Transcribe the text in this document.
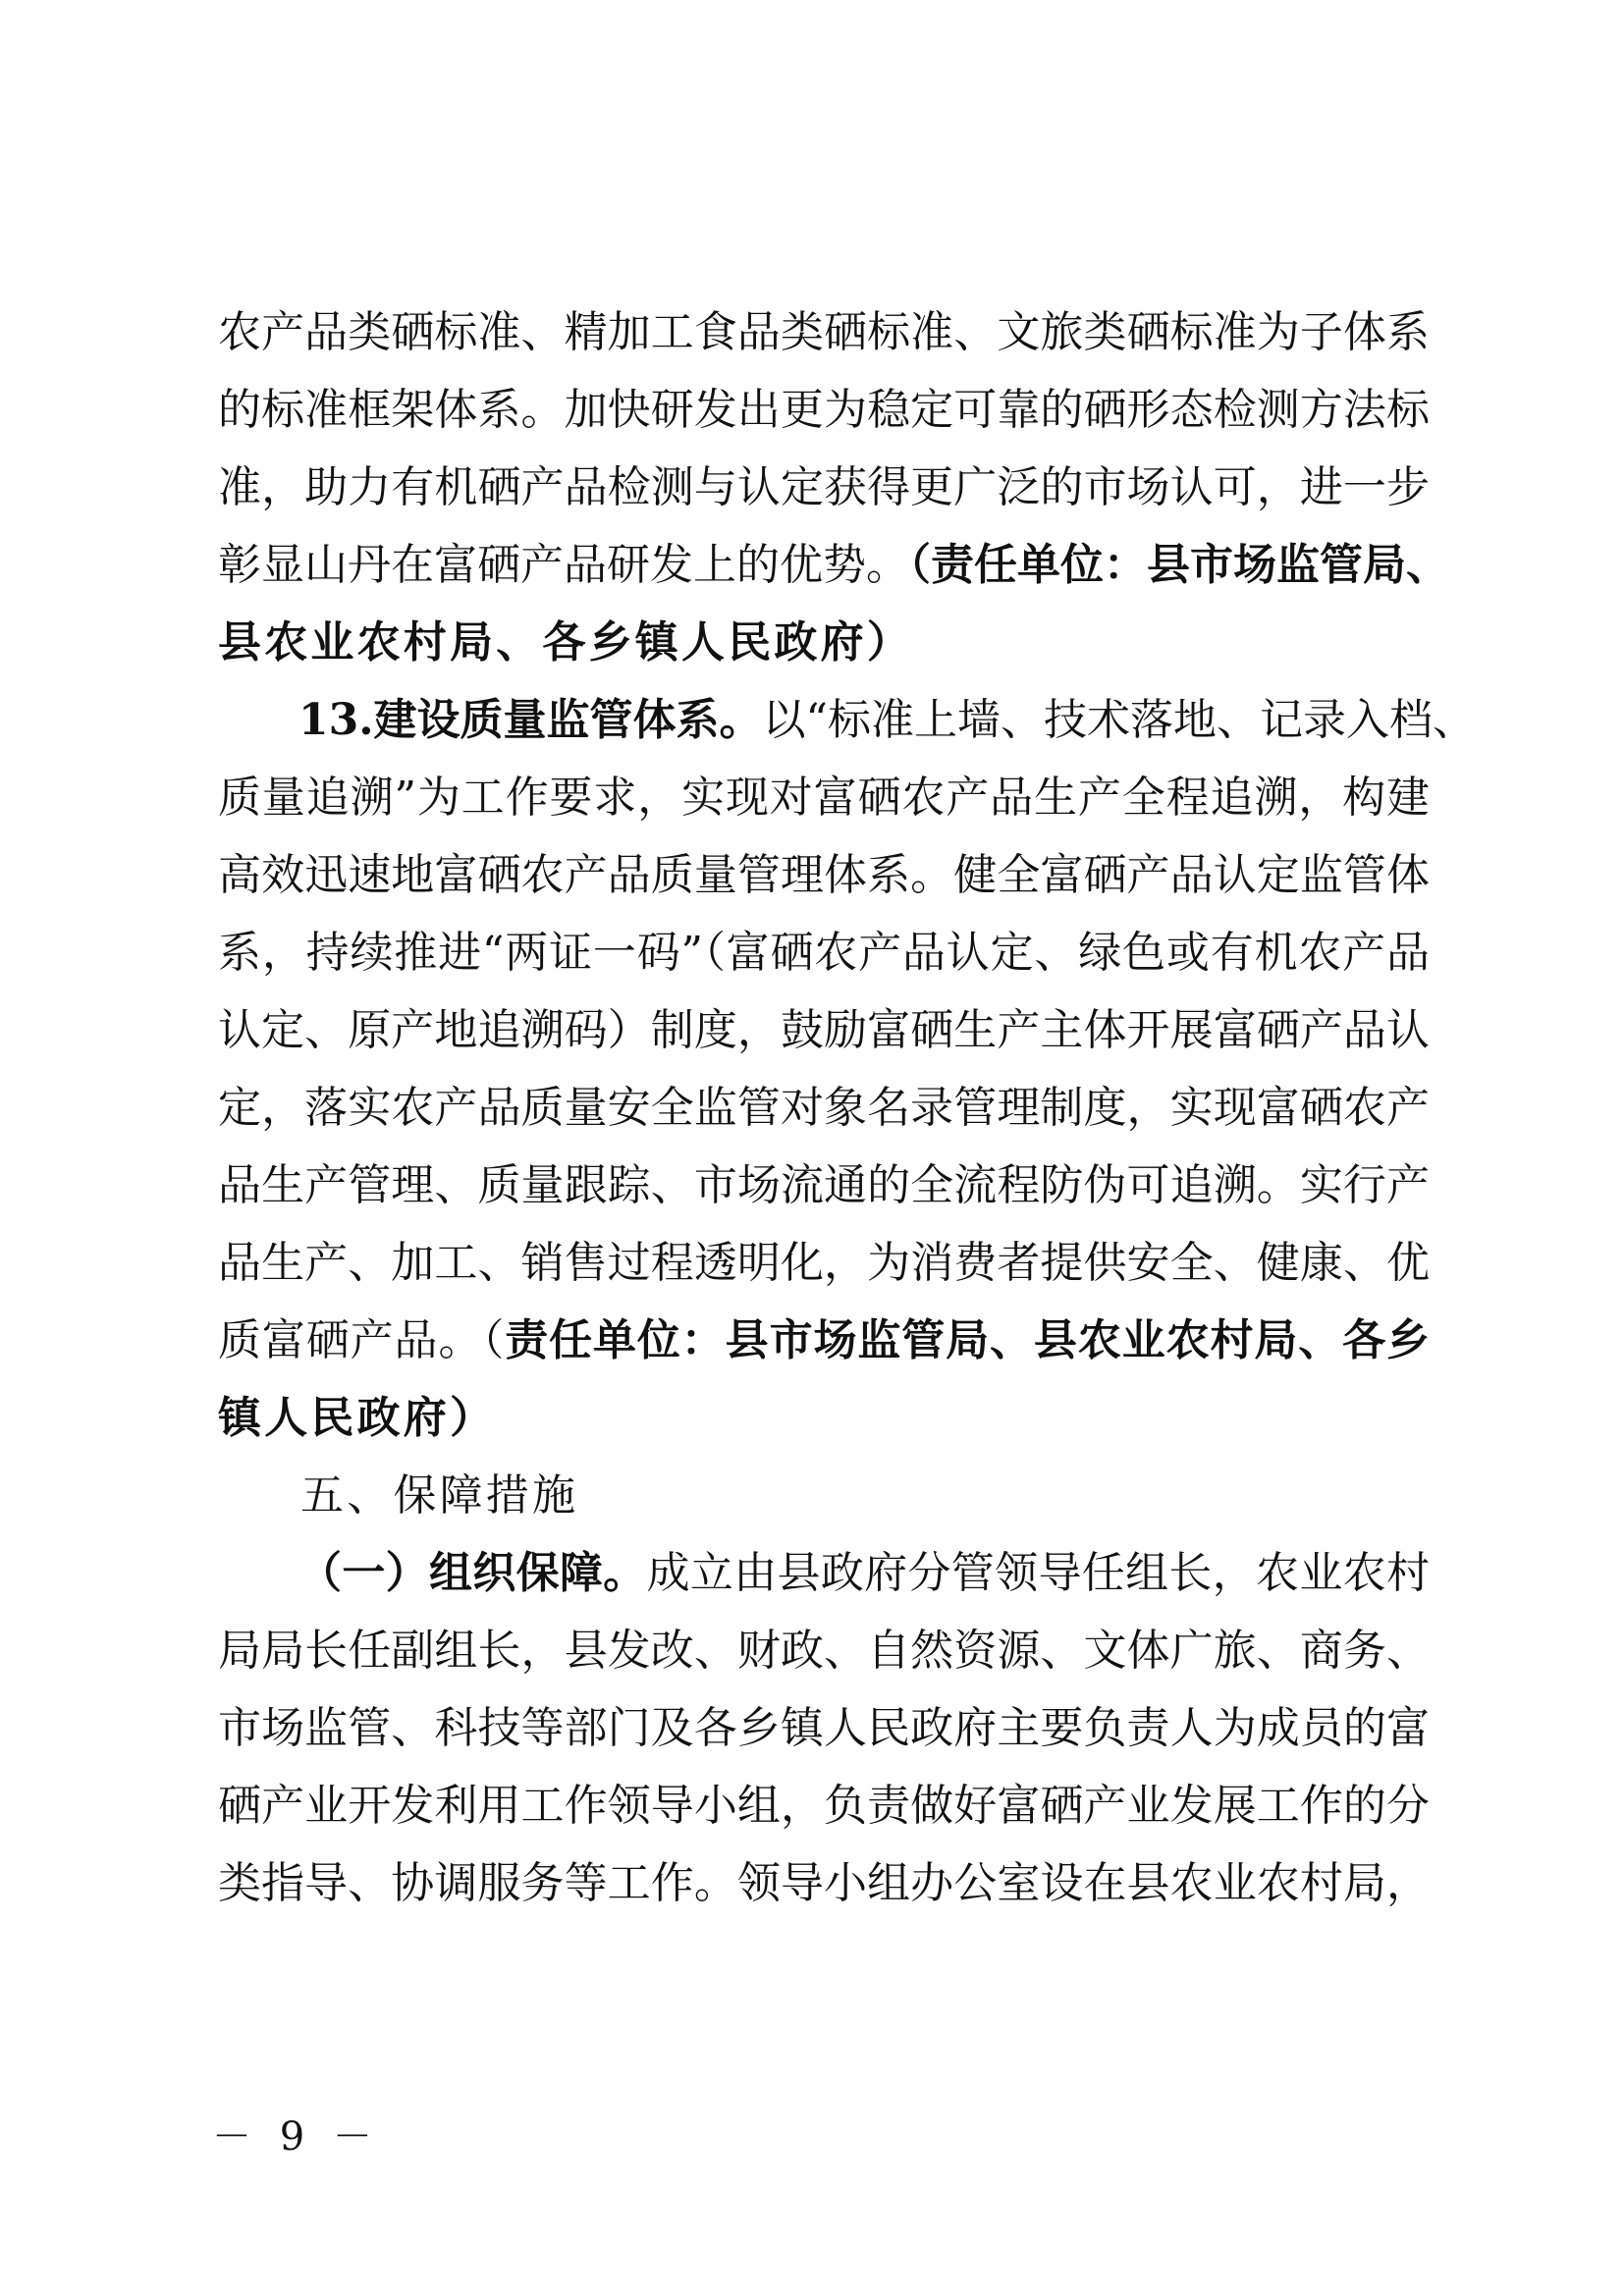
农产品类硒标准、精加工食品类硒标准、文旅类硒标准为子体系
的标准框架体系。加快研发出更为稳定可靠的硒形态检测方法标
准，助力有机硒产品检测与认定获得更广泛的市场认可，进一步
彰显山丹在富硒产品研发上的优势。（责任单位：县市场监管局、
县农业农村局、各乡镇人民政府）
13.建设质量监管体系。以“标准上墙、技术落地、记录入档、
质量追溯”为工作要求，实现对富硒农产品生产全程追溯，构建
高效迅速地富硒农产品质量管理体系。健全富硒产品认定监管体
系，持续推进“两证一码”（富硒农产品认定、绿色或有机农产品
认定、原产地追溯码）制度，鼓励富硒生产主体开展富硒产品认
定，落实农产品质量安全监管对象名录管理制度，实现富硒农产
品生产管理、质量跟踪、市场流通的全流程防伪可追溯。实行产
品生产、加工、销售过程透明化，为消费者提供安全、健康、优
质富硒产品。（责任单位：县市场监管局、县农业农村局、各乡
镇人民政府）
五、保障措施
（一）组织保障。成立由县政府分管领导任组长，农业农村
局局长任副组长，县发改、财政、自然资源、文体广旅、商务、
市场监管、科技等部门及各乡镇人民政府主要负责人为成员的富
硒产业开发利用工作领导小组，负责做好富硒产业发展工作的分
类指导、协调服务等工作。领导小组办公室设在县农业农村局，
－ 9 －
